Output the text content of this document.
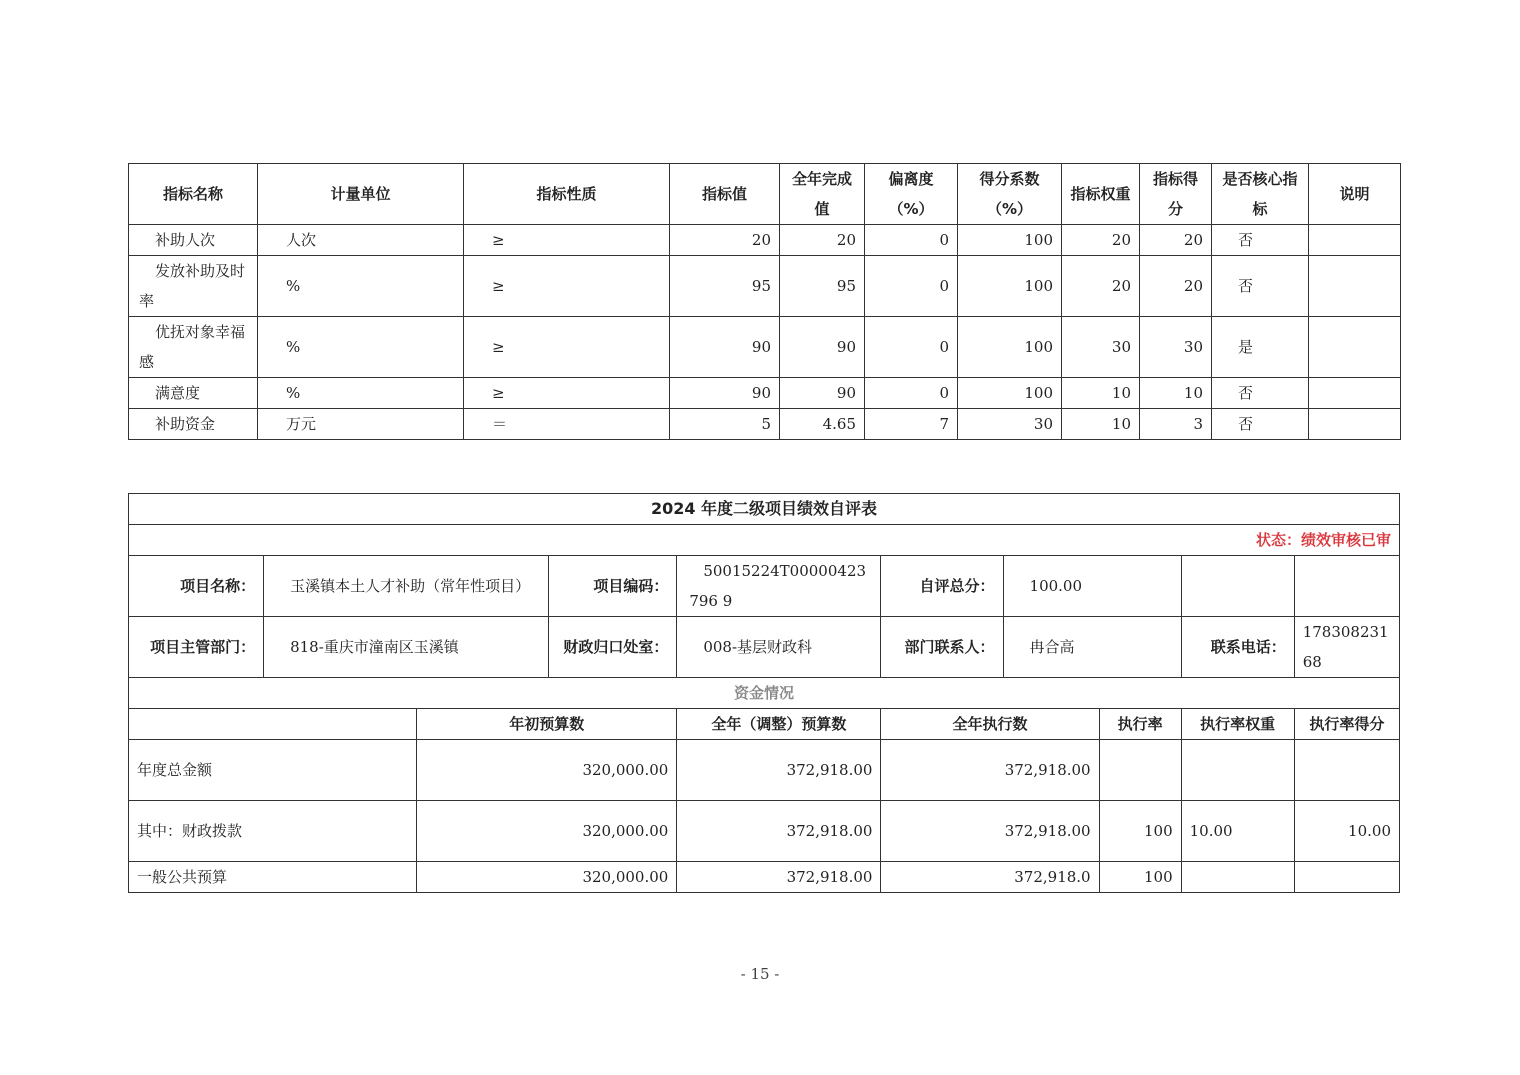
指标名称	计量单位	指标性质	指标值	全年完成值	偏离度（%）	得分系数（%）	指标权重	指标得分	是否核心指标	说明
补助人次	人次	≥	20	20	0	100	20	20	否	
发放补助及时率	%	≥	95	95	0	100	20	20	否	
优抚对象幸福感	%	≥	90	90	0	100	30	30	是	
满意度	%	≥	90	90	0	100	10	10	否	
补助资金	万元	＝	5	4.65	7	30	10	3	否	
2024 年度二级项目绩效自评表									
状态：绩效审核已审									
项目名称：	玉溪镇本土人才补助（常年性项目）		项目编码：	50015224T00000423796 9	自评总分：	100.00			
项目主管部门：	818-重庆市潼南区玉溪镇		财政归口处室：	008-基层财政科	部门联系人：	冉合高		联系电话：	17830823168
资金情况									
		年初预算数		全年（调整）预算数	全年执行数		执行率	执行率权重	执行率得分
年度总金额		320,000.00		372,918.00	372,918.00				
其中：财政拨款		320,000.00		372,918.00	372,918.00		100	10.00	10.00
一般公共预算		320,000.00		372,918.00	372,918.0		100		
- 15 -
